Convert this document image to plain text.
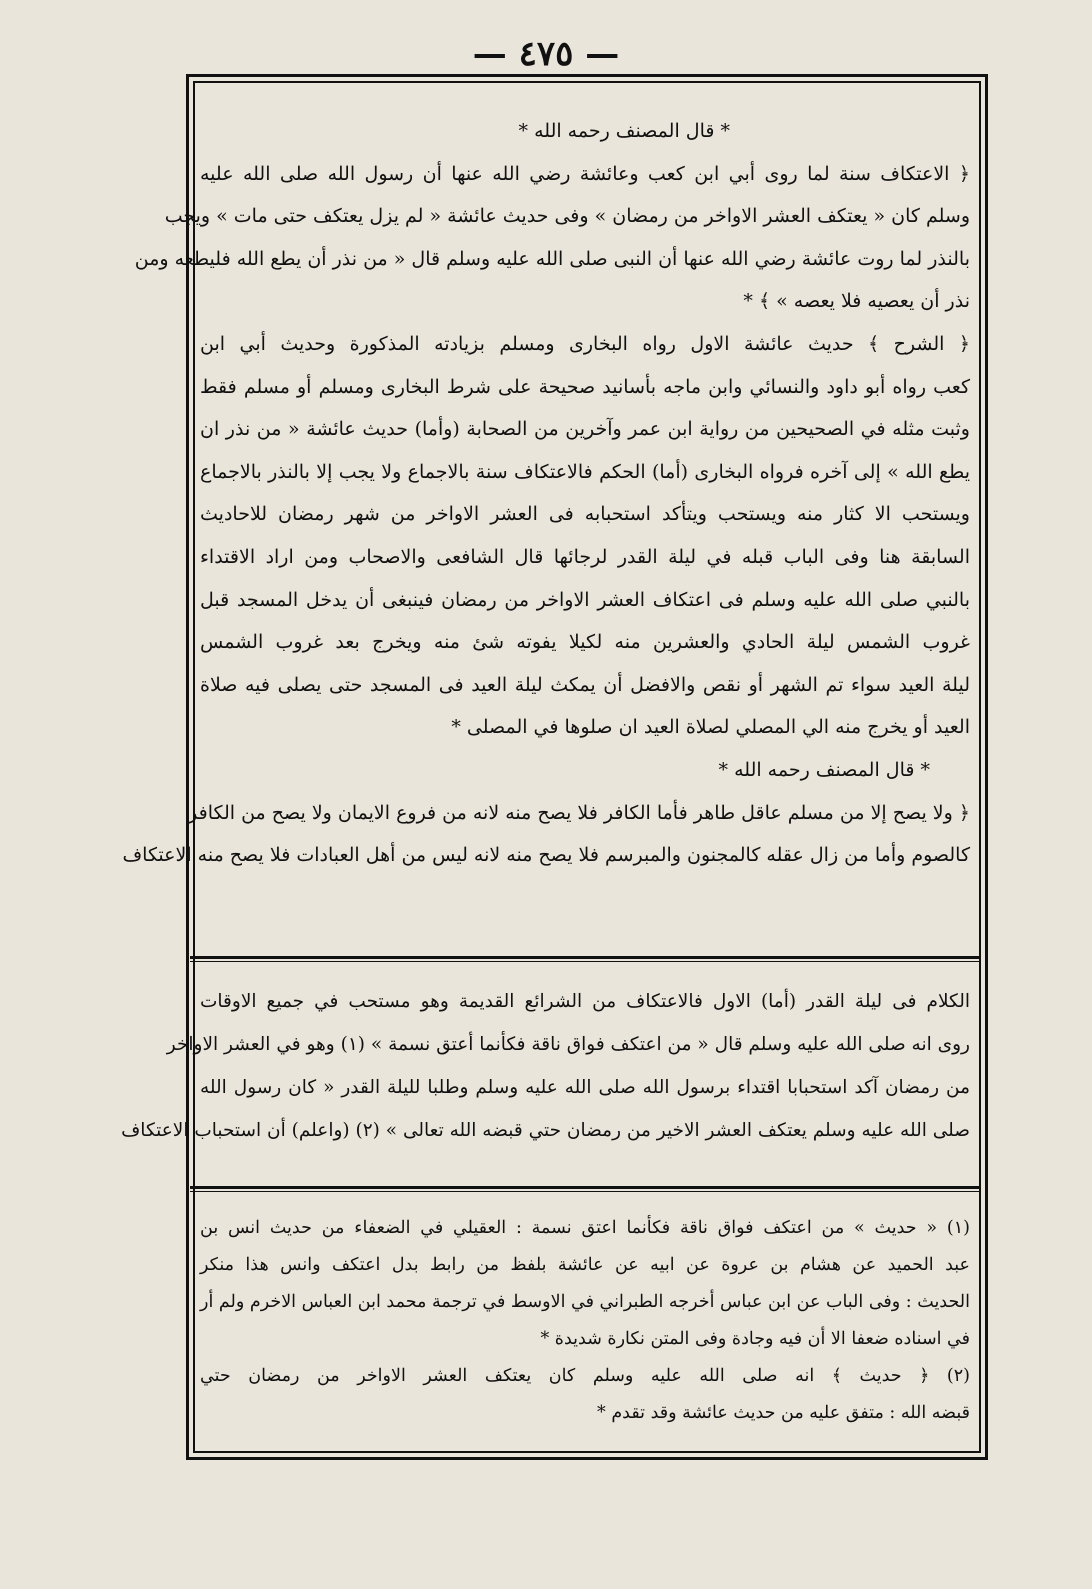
— ٤٧٥ —
* قال المصنف رحمه الله *
﴿ الاعتكاف سنة لما روى أبي ابن كعب وعائشة رضي الله عنها أن رسول الله صلى الله عليه
وسلم كان « يعتكف العشر الاواخر من رمضان » وفى حديث عائشة « لم يزل يعتكف حتى مات » ويجب
بالنذر لما روت عائشة رضي الله عنها أن النبى صلى الله عليه وسلم قال « من نذر أن يطع الله فليطعه ومن
نذر أن يعصيه فلا يعصه » ﴾ *
﴿ الشرح ﴾ حديث عائشة الاول رواه البخارى ومسلم بزيادته المذكورة وحديث أبي ابن
كعب رواه أبو داود والنسائي وابن ماجه بأسانيد صحيحة على شرط البخارى ومسلم أو مسلم فقط
وثبت مثله في الصحيحين من رواية ابن عمر وآخرين من الصحابة (وأما) حديث عائشة « من نذر ان
يطع الله » إلى آخره فرواه البخارى (أما) الحكم فالاعتكاف سنة بالاجماع ولا يجب إلا بالنذر بالاجماع
ويستحب الا كثار منه ويستحب ويتأكد استحبابه فى العشر الاواخر من شهر رمضان للاحاديث
السابقة هنا وفى الباب قبله في ليلة القدر لرجائها قال الشافعى والاصحاب ومن اراد الاقتداء
بالنبي صلى الله عليه وسلم فى اعتكاف العشر الاواخر من رمضان فينبغى أن يدخل المسجد قبل
غروب الشمس ليلة الحادي والعشرين منه لكيلا يفوته شئ منه ويخرج بعد غروب الشمس
ليلة العيد سواء تم الشهر أو نقص والافضل أن يمكث ليلة العيد فى المسجد حتى يصلى فيه صلاة
العيد أو يخرج منه الي المصلي لصلاة العيد ان صلوها في المصلى *
* قال المصنف رحمه الله *
﴿ ولا يصح إلا من مسلم عاقل طاهر فأما الكافر فلا يصح منه لانه من فروع الايمان ولا يصح من الكافر
كالصوم وأما من زال عقله كالمجنون والمبرسم فلا يصح منه لانه ليس من أهل العبادات فلا يصح منه الاعتكاف
الكلام فى ليلة القدر (أما) الاول فالاعتكاف من الشرائع القديمة وهو مستحب في جميع الاوقات
روى انه صلى الله عليه وسلم قال « من اعتكف فواق ناقة فكأنما أعتق نسمة » (١) وهو في العشر الاواخر
من رمضان آكد استحبابا اقتداء برسول الله صلى الله عليه وسلم وطلبا لليلة القدر « كان رسول الله
صلى الله عليه وسلم يعتكف العشر الاخير من رمضان حتي قبضه الله تعالى » (٢) (واعلم) أن استحباب الاعتكاف
(١) « حديث » من اعتكف فواق ناقة فكأنما اعتق نسمة : العقيلي في الضعفاء من حديث انس بن
عبد الحميد عن هشام بن عروة عن ابيه عن عائشة بلفظ من رابط بدل اعتكف وانس هذا منكر
الحديث : وفى الباب عن ابن عباس أخرجه الطبراني في الاوسط في ترجمة محمد ابن العباس الاخرم ولم أر
في اسناده ضعفا الا أن فيه وجادة وفى المتن نكارة شديدة *
(٢) ﴿ حديث ﴾ انه صلى الله عليه وسلم كان يعتكف العشر الاواخر من رمضان حتي
قبضه الله : متفق عليه من حديث عائشة وقد تقدم *
